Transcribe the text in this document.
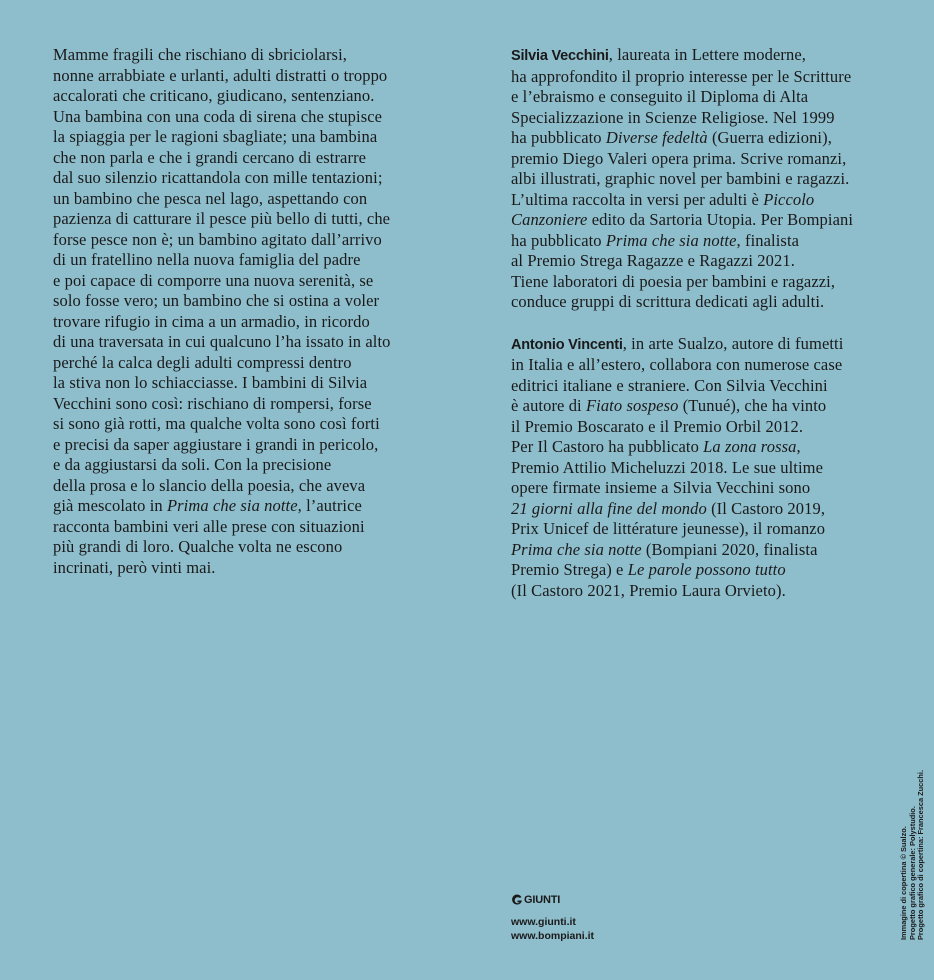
Mamme fragili che rischiano di sbriciolarsi,
nonne arrabbiate e urlanti, adulti distratti o troppo
accalorati che criticano, giudicano, sentenziano.
Una bambina con una coda di sirena che stupisce
la spiaggia per le ragioni sbagliate; una bambina
che non parla e che i grandi cercano di estrarre
dal suo silenzio ricattandola con mille tentazioni;
un bambino che pesca nel lago, aspettando con
pazienza di catturare il pesce più bello di tutti, che
forse pesce non è; un bambino agitato dall’arrivo
di un fratellino nella nuova famiglia del padre
e poi capace di comporre una nuova serenità, se
solo fosse vero; un bambino che si ostina a voler
trovare rifugio in cima a un armadio, in ricordo
di una traversata in cui qualcuno l’ha issato in alto
perché la calca degli adulti compressi dentro
la stiva non lo schiacciasse. I bambini di Silvia
Vecchini sono così: rischiano di rompersi, forse
si sono già rotti, ma qualche volta sono così forti
e precisi da saper aggiustare i grandi in pericolo,
e da aggiustarsi da soli. Con la precisione
della prosa e lo slancio della poesia, che aveva
già mescolato in Prima che sia notte, l’autrice
racconta bambini veri alle prese con situazioni
più grandi di loro. Qualche volta ne escono
incrinati, però vinti mai.
Silvia Vecchini, laureata in Lettere moderne,
ha approfondito il proprio interesse per le Scritture
e l’ebraismo e conseguito il Diploma di Alta
Specializzazione in Scienze Religiose. Nel 1999
ha pubblicato Diverse fedeltà (Guerra edizioni),
premio Diego Valeri opera prima. Scrive romanzi,
albi illustrati, graphic novel per bambini e ragazzi.
L’ultima raccolta in versi per adulti è Piccolo
Canzoniere edito da Sartoria Utopia. Per Bompiani
ha pubblicato Prima che sia notte, finalista
al Premio Strega Ragazze e Ragazzi 2021.
Tiene laboratori di poesia per bambini e ragazzi,
conduce gruppi di scrittura dedicati agli adulti.
Antonio Vincenti, in arte Sualzo, autore di fumetti
in Italia e all’estero, collabora con numerose case
editrici italiane e straniere. Con Silvia Vecchini
è autore di Fiato sospeso (Tunué), che ha vinto
il Premio Boscarato e il Premio Orbil 2012.
Per Il Castoro ha pubblicato La zona rossa,
Premio Attilio Micheluzzi 2018. Le sue ultime
opere firmate insieme a Silvia Vecchini sono
21 giorni alla fine del mondo (Il Castoro 2019,
Prix Unicef de littérature jeunesse), il romanzo
Prima che sia notte (Bompiani 2020, finalista
Premio Strega) e Le parole possono tutto
(Il Castoro 2021, Premio Laura Orvieto).
GIUNTI
www.giunti.it
www.bompiani.it	Immagine di copertina © Sualzo. Progetto grafico generale: Polystudio. Progetto grafico di copertina: Francesca Zucchi.
